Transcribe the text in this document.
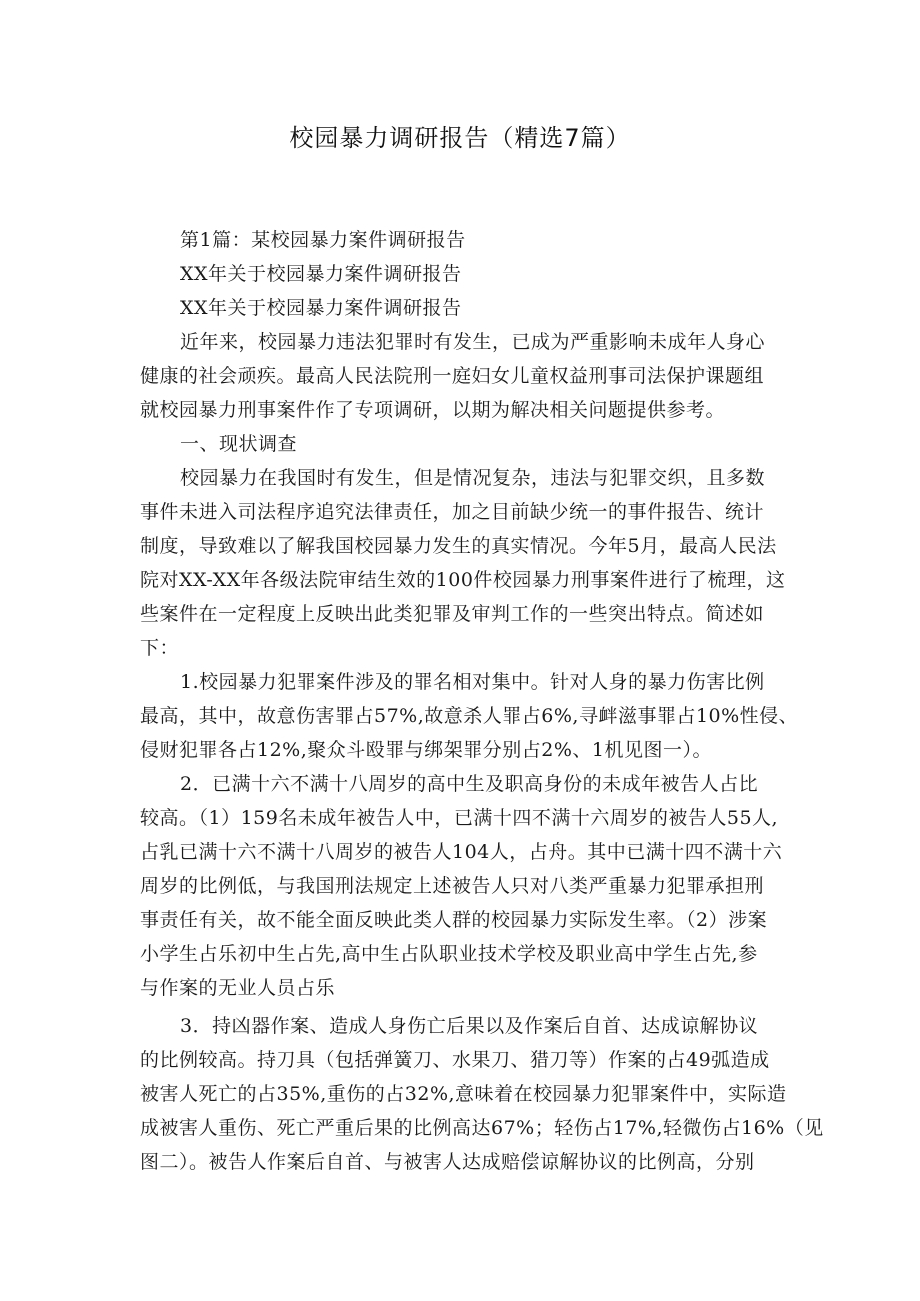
校园暴力调研报告（精选7篇）
第1篇：某校园暴力案件调研报告
XX年关于校园暴力案件调研报告
XX年关于校园暴力案件调研报告
近年来，校园暴力违法犯罪时有发生，已成为严重影响未成年人身心
健康的社会顽疾。最高人民法院刑一庭妇女儿童权益刑事司法保护课题组
就校园暴力刑事案件作了专项调研，以期为解决相关问题提供参考。
一、现状调查
校园暴力在我国时有发生，但是情况复杂，违法与犯罪交织，且多数
事件未进入司法程序追究法律责任，加之目前缺少统一的事件报告、统计
制度，导致难以了解我国校园暴力发生的真实情况。今年5月，最高人民法
院对XX-XX年各级法院审结生效的100件校园暴力刑事案件进行了梳理，这
些案件在一定程度上反映出此类犯罪及审判工作的一些突出特点。简述如
下：
1.校园暴力犯罪案件涉及的罪名相对集中。针对人身的暴力伤害比例
最高，其中，故意伤害罪占57%,故意杀人罪占6%,寻衅滋事罪占10%性侵、
侵财犯罪各占12%,聚众斗殴罪与绑架罪分别占2%、1机见图一）。
2．已满十六不满十八周岁的高中生及职高身份的未成年被告人占比
较高。（1）159名未成年被告人中，已满十四不满十六周岁的被告人55人,
占乳已满十六不满十八周岁的被告人104人，占舟。其中已满十四不满十六
周岁的比例低，与我国刑法规定上述被告人只对八类严重暴力犯罪承担刑
事责任有关，故不能全面反映此类人群的校园暴力实际发生率。（2）涉案
小学生占乐初中生占先,高中生占队职业技术学校及职业高中学生占先,参
与作案的无业人员占乐
3．持凶器作案、造成人身伤亡后果以及作案后自首、达成谅解协议
的比例较高。持刀具（包括弹簧刀、水果刀、猎刀等）作案的占49弧造成
被害人死亡的占35%,重伤的占32%,意味着在校园暴力犯罪案件中，实际造
成被害人重伤、死亡严重后果的比例高达67%；轻伤占17%,轻微伤占16%（见
图二）。被告人作案后自首、与被害人达成赔偿谅解协议的比例高，分别
